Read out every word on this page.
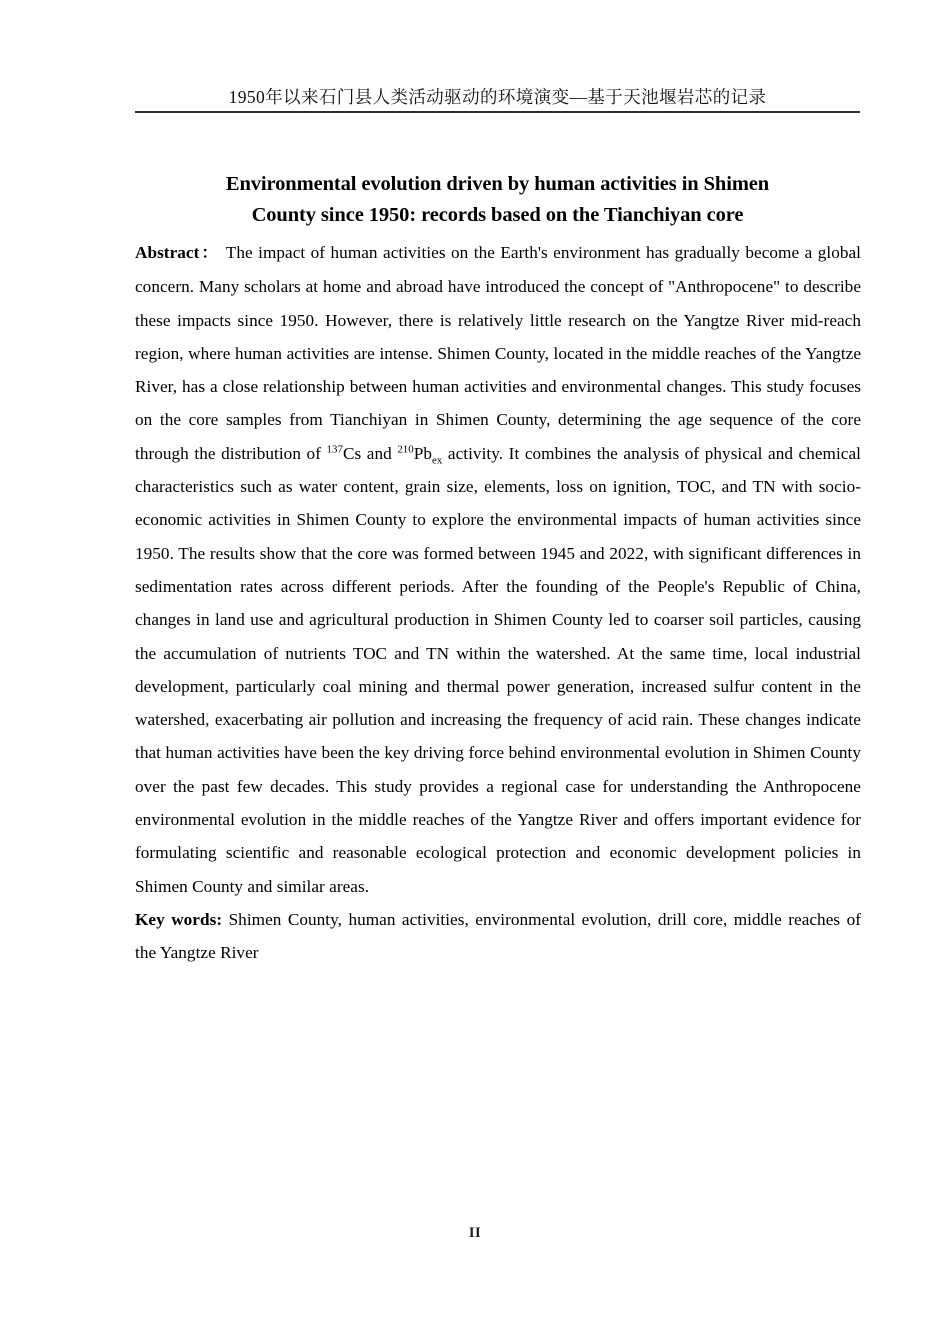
1950年以来石门县人类活动驱动的环境演变—基于天池堰岩芯的记录
Environmental evolution driven by human activities in Shimen
County since 1950: records based on the Tianchiyan core

Abstract： The impact of human activities on the Earth's environment has gradually become a global concern. Many scholars at home and abroad have introduced the concept of "Anthropocene" to describe these impacts since 1950. However, there is relatively little research on the Yangtze River mid-reach region, where human activities are intense. Shimen County, located in the middle reaches of the Yangtze River, has a close relationship between human activities and environmental changes. This study focuses on the core samples from Tianchiyan in Shimen County, determining the age sequence of the core through the distribution of $^{137}$Cs and $^{210}Pb_{ex}$ activity. It combines the analysis of physical and chemical characteristics such as water content, grain size, elements, loss on ignition, TOC, and TN with socio-economic activities in Shimen County to explore the environmental impacts of human activities since 1950. The results show that the core was formed between 1945 and 2022, with significant differences in sedimentation rates across different periods. After the founding of the People's Republic of China, changes in land use and agricultural production in Shimen County led to coarser soil particles, causing the accumulation of nutrients TOC and TN within the watershed. At the same time, local industrial development, particularly coal mining and thermal power generation, increased sulfur content in the watershed, exacerbating air pollution and increasing the frequency of acid rain. These changes indicate that human activities have been the key driving force behind environmental evolution in Shimen County over the past few decades. This study provides a regional case for understanding the Anthropocene environmental evolution in the middle reaches of the Yangtze River and offers important evidence for formulating scientific and reasonable ecological protection and economic development policies in Shimen County and similar areas.

Key words: Shimen County, human activities, environmental evolution, drill core, middle reaches of the Yangtze River

II
